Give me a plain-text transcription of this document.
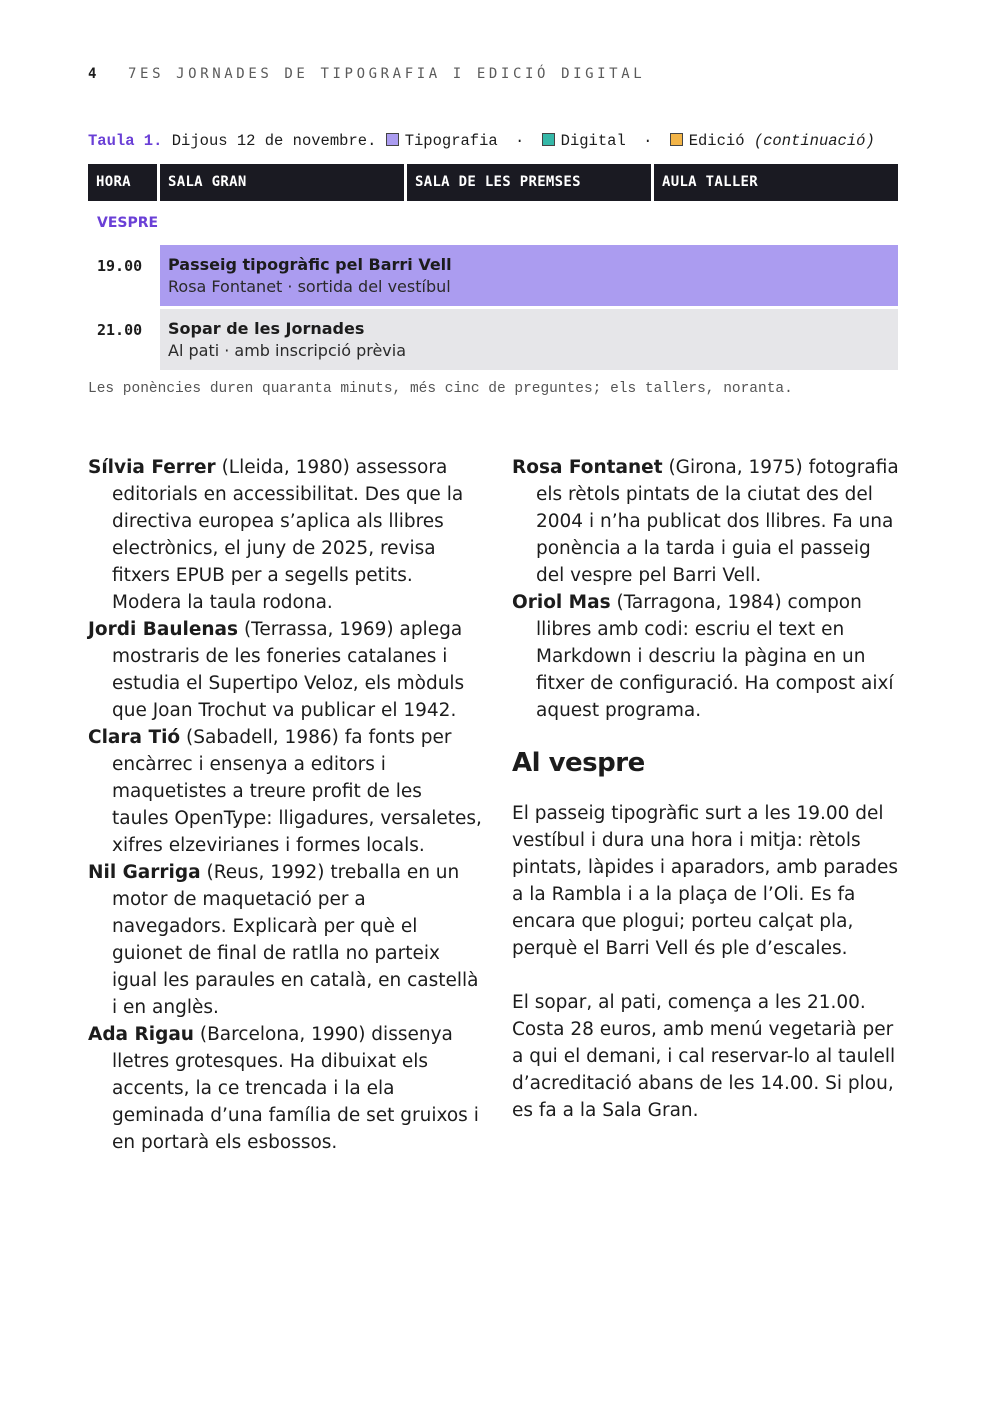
4 7ES JORNADES DE TIPOGRAFIA I EDICIÓ DIGITAL
Taula 1. Dijous 12 de novembre. Tipografia · Digital · Edició (continuació)
HORA	SALA GRAN	SALA DE LES PREMSES	AULA TALLER
VESPRE
19.00 Passeig tipogràfic pel Barri Vell
Rosa Fontanet · sortida del vestíbul
21.00 Sopar de les Jornades
Al pati · amb inscripció prèvia
Les ponències duren quaranta minuts, més cinc de preguntes; els tallers, noranta.

Sílvia Ferrer (Lleida, 1980) assessora editorials en accessibilitat. Des que la directiva europea s’aplica als llibres electrònics, el juny de 2025, revisa fitxers EPUB per a segells petits. Modera la taula rodona.

Jordi Baulenas (Terrassa, 1969) aplega mostraris de les foneries catalanes i estudia el Supertipo Veloz, els mòduls que Joan Trochut va publicar el 1942.

Clara Tió (Sabadell, 1986) fa fonts per encàrrec i ensenya a editors i maquetistes a treure profit de les taules OpenType: lligadures, versaletes, xifres elzevirianes i formes locals.

Nil Garriga (Reus, 1992) treballa en un motor de maquetació per a navegadors. Explicarà per què el guionet de final de ratlla no parteix igual les paraules en català, en castellà i en anglès.

Ada Rigau (Barcelona, 1990) dissenya lletres grotesques. Ha dibuixat els accents, la ce trencada i la ela geminada d’una família de set gruixos i en portarà els esbossos.

Rosa Fontanet (Girona, 1975) fotografia els rètols pintats de la ciutat des del 2004 i n’ha publicat dos llibres. Fa una ponència a la tarda i guia el passeig del vespre pel Barri Vell.

Oriol Mas (Tarragona, 1984) compon llibres amb codi: escriu el text en Markdown i descriu la pàgina en un fitxer de configuració. Ha compost així aquest programa.

Al vespre

El passeig tipogràfic surt a les 19.00 del vestíbul i dura una hora i mitja: rètols pintats, làpides i aparadors, amb parades a la Rambla i a la plaça de l’Oli. Es fa encara que plogui; porteu calçat pla, perquè el Barri Vell és ple d’escales.

El sopar, al pati, comença a les 21.00. Costa 28 euros, amb menú vegetarià per a qui el demani, i cal reservar-lo al taulell d’acreditació abans de les 14.00. Si plou, es fa a la Sala Gran.
